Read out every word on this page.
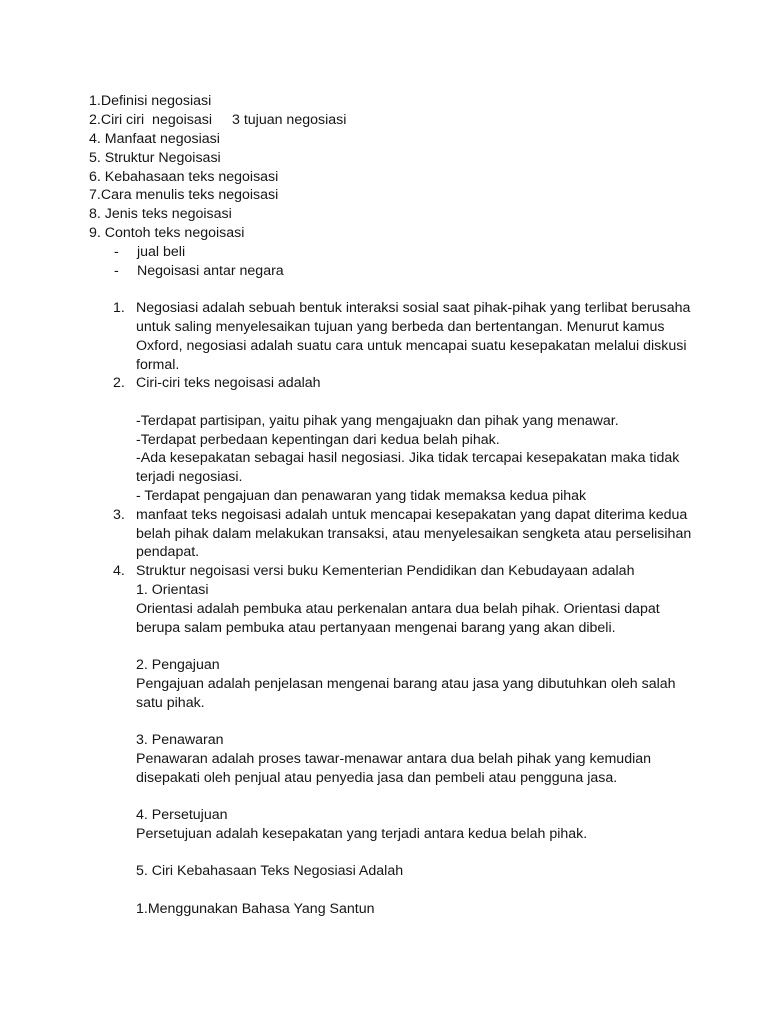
1.Definisi negosiasi
2.Ciri ciri  negoisasi 3 tujuan negosiasi
4. Manfaat negosiasi
5. Struktur Negoisasi
6. Kebahasaan teks negoisasi
7.Cara menulis teks negoisasi
8. Jenis teks negoisasi
9. Contoh teks negoisasi
- jual beli
- Negoisasi antar negara
1. Negosiasi adalah sebuah bentuk interaksi sosial saat pihak-pihak yang terlibat berusaha
untuk saling menyelesaikan tujuan yang berbeda dan bertentangan. Menurut kamus
Oxford, negosiasi adalah suatu cara untuk mencapai suatu kesepakatan melalui diskusi
formal.
2. Ciri-ciri teks negoisasi adalah
-Terdapat partisipan, yaitu pihak yang mengajuakn dan pihak yang menawar.
-Terdapat perbedaan kepentingan dari kedua belah pihak.
-Ada kesepakatan sebagai hasil negosiasi. Jika tidak tercapai kesepakatan maka tidak
terjadi negosiasi.
- Terdapat pengajuan dan penawaran yang tidak memaksa kedua pihak
3. manfaat teks negoisasi adalah untuk mencapai kesepakatan yang dapat diterima kedua
belah pihak dalam melakukan transaksi, atau menyelesaikan sengketa atau perselisihan
pendapat.
4. Struktur negoisasi versi buku Kementerian Pendidikan dan Kebudayaan adalah
1. Orientasi
Orientasi adalah pembuka atau perkenalan antara dua belah pihak. Orientasi dapat
berupa salam pembuka atau pertanyaan mengenai barang yang akan dibeli.
2. Pengajuan
Pengajuan adalah penjelasan mengenai barang atau jasa yang dibutuhkan oleh salah
satu pihak.
3. Penawaran
Penawaran adalah proses tawar-menawar antara dua belah pihak yang kemudian
disepakati oleh penjual atau penyedia jasa dan pembeli atau pengguna jasa.
4. Persetujuan
Persetujuan adalah kesepakatan yang terjadi antara kedua belah pihak.
5. Ciri Kebahasaan Teks Negosiasi Adalah
1.Menggunakan Bahasa Yang Santun
